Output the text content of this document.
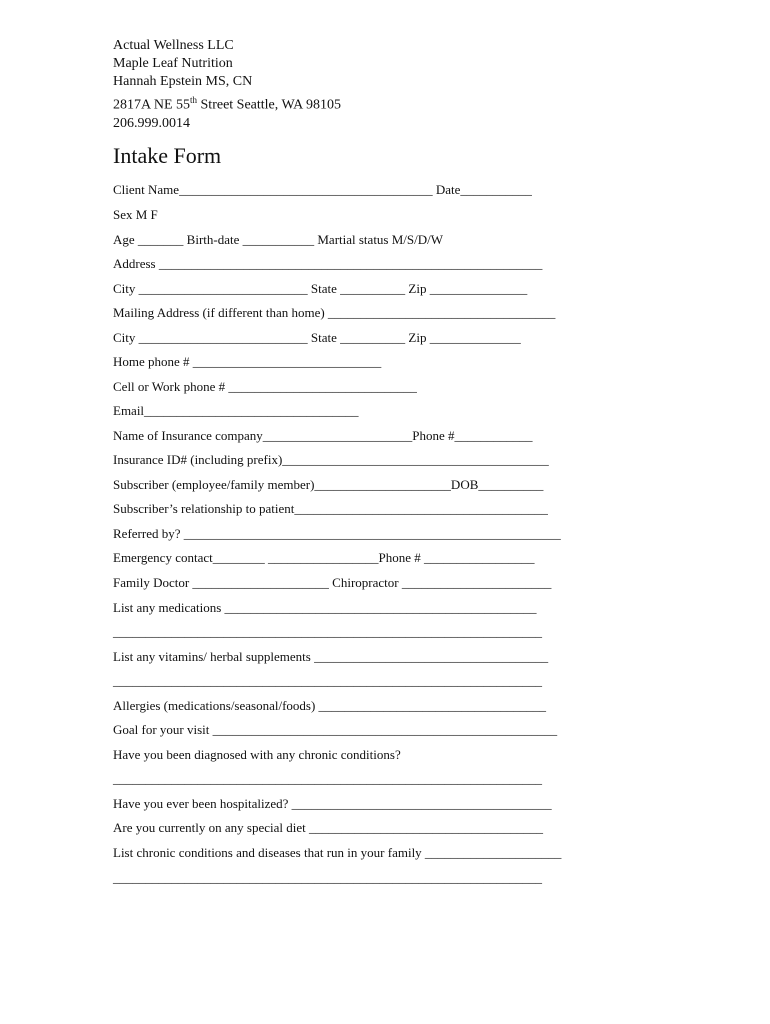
Actual Wellness LLC
Maple Leaf Nutrition
Hannah Epstein MS, CN
2817A NE 55th Street Seattle, WA 98105
206.999.0014
Intake Form
Client Name_______________________________________ Date___________
Sex M F
Age _______ Birth-date ___________ Martial status M/S/D/W
Address ___________________________________________________________
City __________________________ State __________ Zip _______________
Mailing Address (if different than home) ___________________________________
City __________________________ State __________ Zip ______________
Home phone # _____________________________
Cell or Work phone # _____________________________
Email_________________________________
Name of Insurance company_______________________Phone #____________
Insurance ID# (including prefix)_________________________________________
Subscriber (employee/family member)_____________________DOB__________
Subscriber’s relationship to patient_______________________________________
Referred by? __________________________________________________________
Emergency contact________ _________________Phone # _________________
Family Doctor _____________________ Chiropractor _______________________
List any medications ________________________________________________
__________________________________________________________________
List any vitamins/ herbal supplements ____________________________________
__________________________________________________________________
Allergies (medications/seasonal/foods) ___________________________________
Goal for your visit _____________________________________________________
Have you been diagnosed with any chronic conditions?
__________________________________________________________________
Have you ever been hospitalized? ________________________________________
Are you currently on any special diet ____________________________________
List chronic conditions and diseases that run in your family _____________________
__________________________________________________________________
